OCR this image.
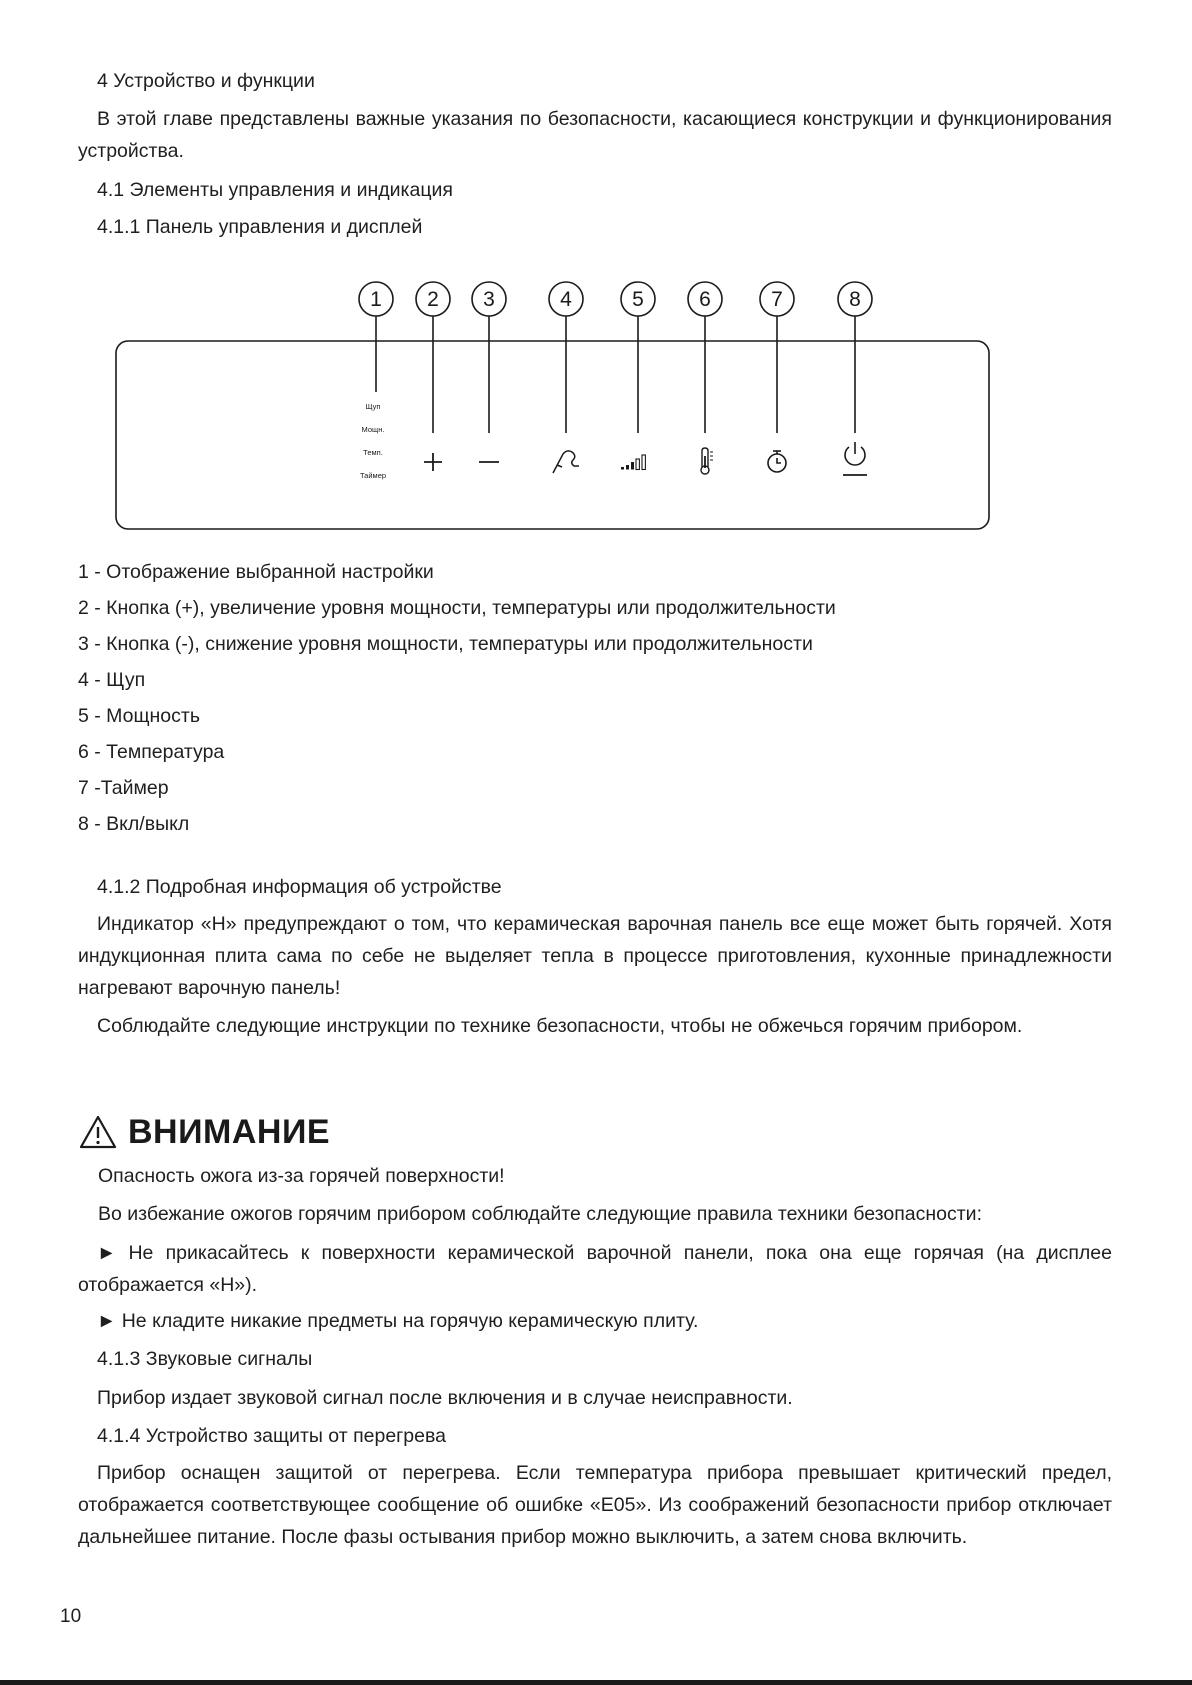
4 Устройство и функции

В этой главе представлены важные указания по безопасности, касающиеся конструкции и функционирования устройства.

4.1 Элементы управления и индикация

4.1.1 Панель управления и дисплей

1 2 3	4	5	6	7	8
Щуп
Мощн.
Темп.
Таймер

1 - Отображение выбранной настройки

2 - Кнопка (+), увеличение уровня мощности, температуры или продолжительности

3 - Кнопка (-), снижение уровня мощности, температуры или продолжительности

4 - Щуп

5 - Мощность

6 - Температура

7 -Таймер

8 - Вкл/выкл

4.1.2 Подробная информация об устройстве

Индикатор «Н» предупреждают о том, что керамическая варочная панель все еще может быть горячей. Хотя индукционная плита сама по себе не выделяет тепла в процессе приготовления, кухонные принадлежности нагревают варочную панель!

Соблюдайте следующие инструкции по технике безопасности, чтобы не обжечься горячим прибором.

ВНИМАНИЕ

Опасность ожога из-за горячей поверхности!

Во избежание ожогов горячим прибором соблюдайте следующие правила техники безопасности:

► Не прикасайтесь к поверхности керамической варочной панели, пока она еще горячая (на дисплее отображается «Н»).

► Не кладите никакие предметы на горячую керамическую плиту.

4.1.3 Звуковые сигналы

Прибор издает звуковой сигнал после включения и в случае неисправности.

4.1.4 Устройство защиты от перегрева

Прибор оснащен защитой от перегрева. Если температура прибора превышает критический предел, отображается соответствующее сообщение об ошибке «E05». Из соображений безопасности прибор отключает дальнейшее питание. После фазы остывания прибор можно выключить, а затем снова включить.

10
